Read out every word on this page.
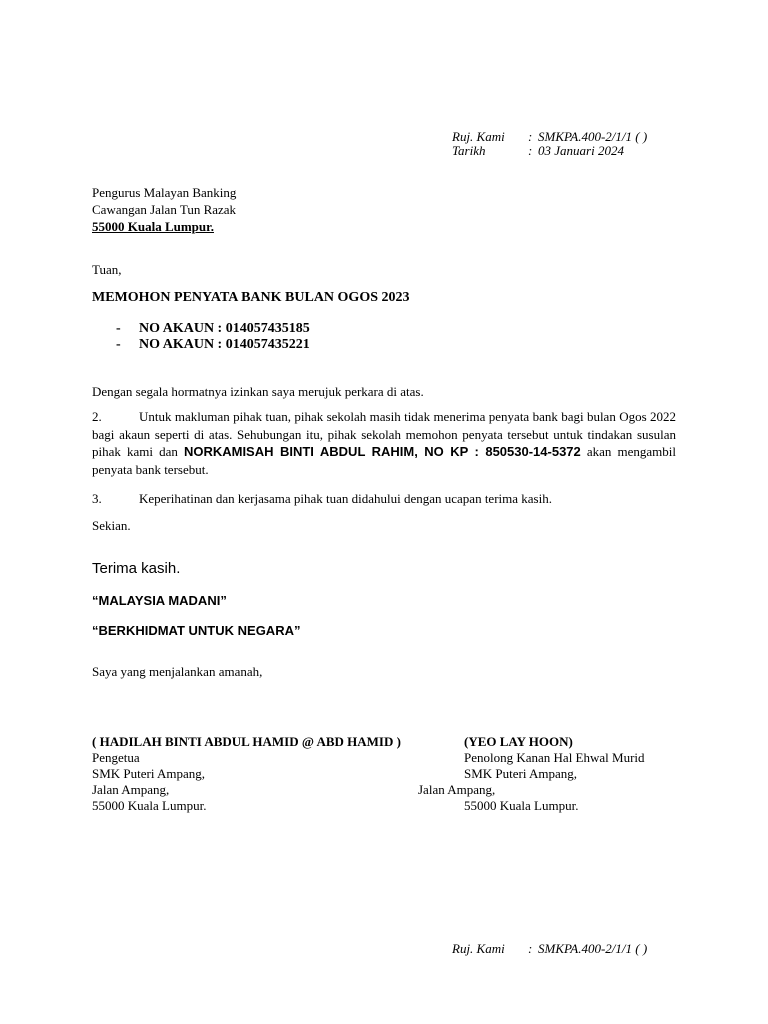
Ruj. Kami : SMKPA.400-2/1/1 ( )
Tarikh	: 03 Januari 2024
Pengurus Malayan Banking
Cawangan Jalan Tun Razak
55000 Kuala Lumpur.
Tuan,
MEMOHON PENYATA BANK BULAN OGOS 2023
- NO AKAUN : 014057435185
- NO AKAUN : 014057435221
Dengan segala hormatnya izinkan saya merujuk perkara di atas.
2.	Untuk makluman pihak tuan, pihak sekolah masih tidak menerima penyata bank bagi bulan Ogos 2022 bagi akaun seperti di atas. Sehubungan itu, pihak sekolah memohon penyata tersebut untuk tindakan susulan pihak kami dan NORKAMISAH BINTI ABDUL RAHIM, NO KP : 850530-14-5372 akan mengambil penyata bank tersebut.
3.	Keperihatinan dan kerjasama pihak tuan didahului dengan ucapan terima kasih.
Sekian.
Terima kasih.
“MALAYSIA MADANI”
“BERKHIDMAT UNTUK NEGARA”
Saya yang menjalankan amanah,
( HADILAH BINTI ABDUL HAMID @ ABD HAMID )
Pengetua
SMK Puteri Ampang,
Jalan Ampang,
55000 Kuala Lumpur.
(YEO LAY HOON)
Penolong Kanan Hal Ehwal Murid
SMK Puteri Ampang,
Jalan Ampang,
55000 Kuala Lumpur.
Ruj. Kami : SMKPA.400-2/1/1 ( )
